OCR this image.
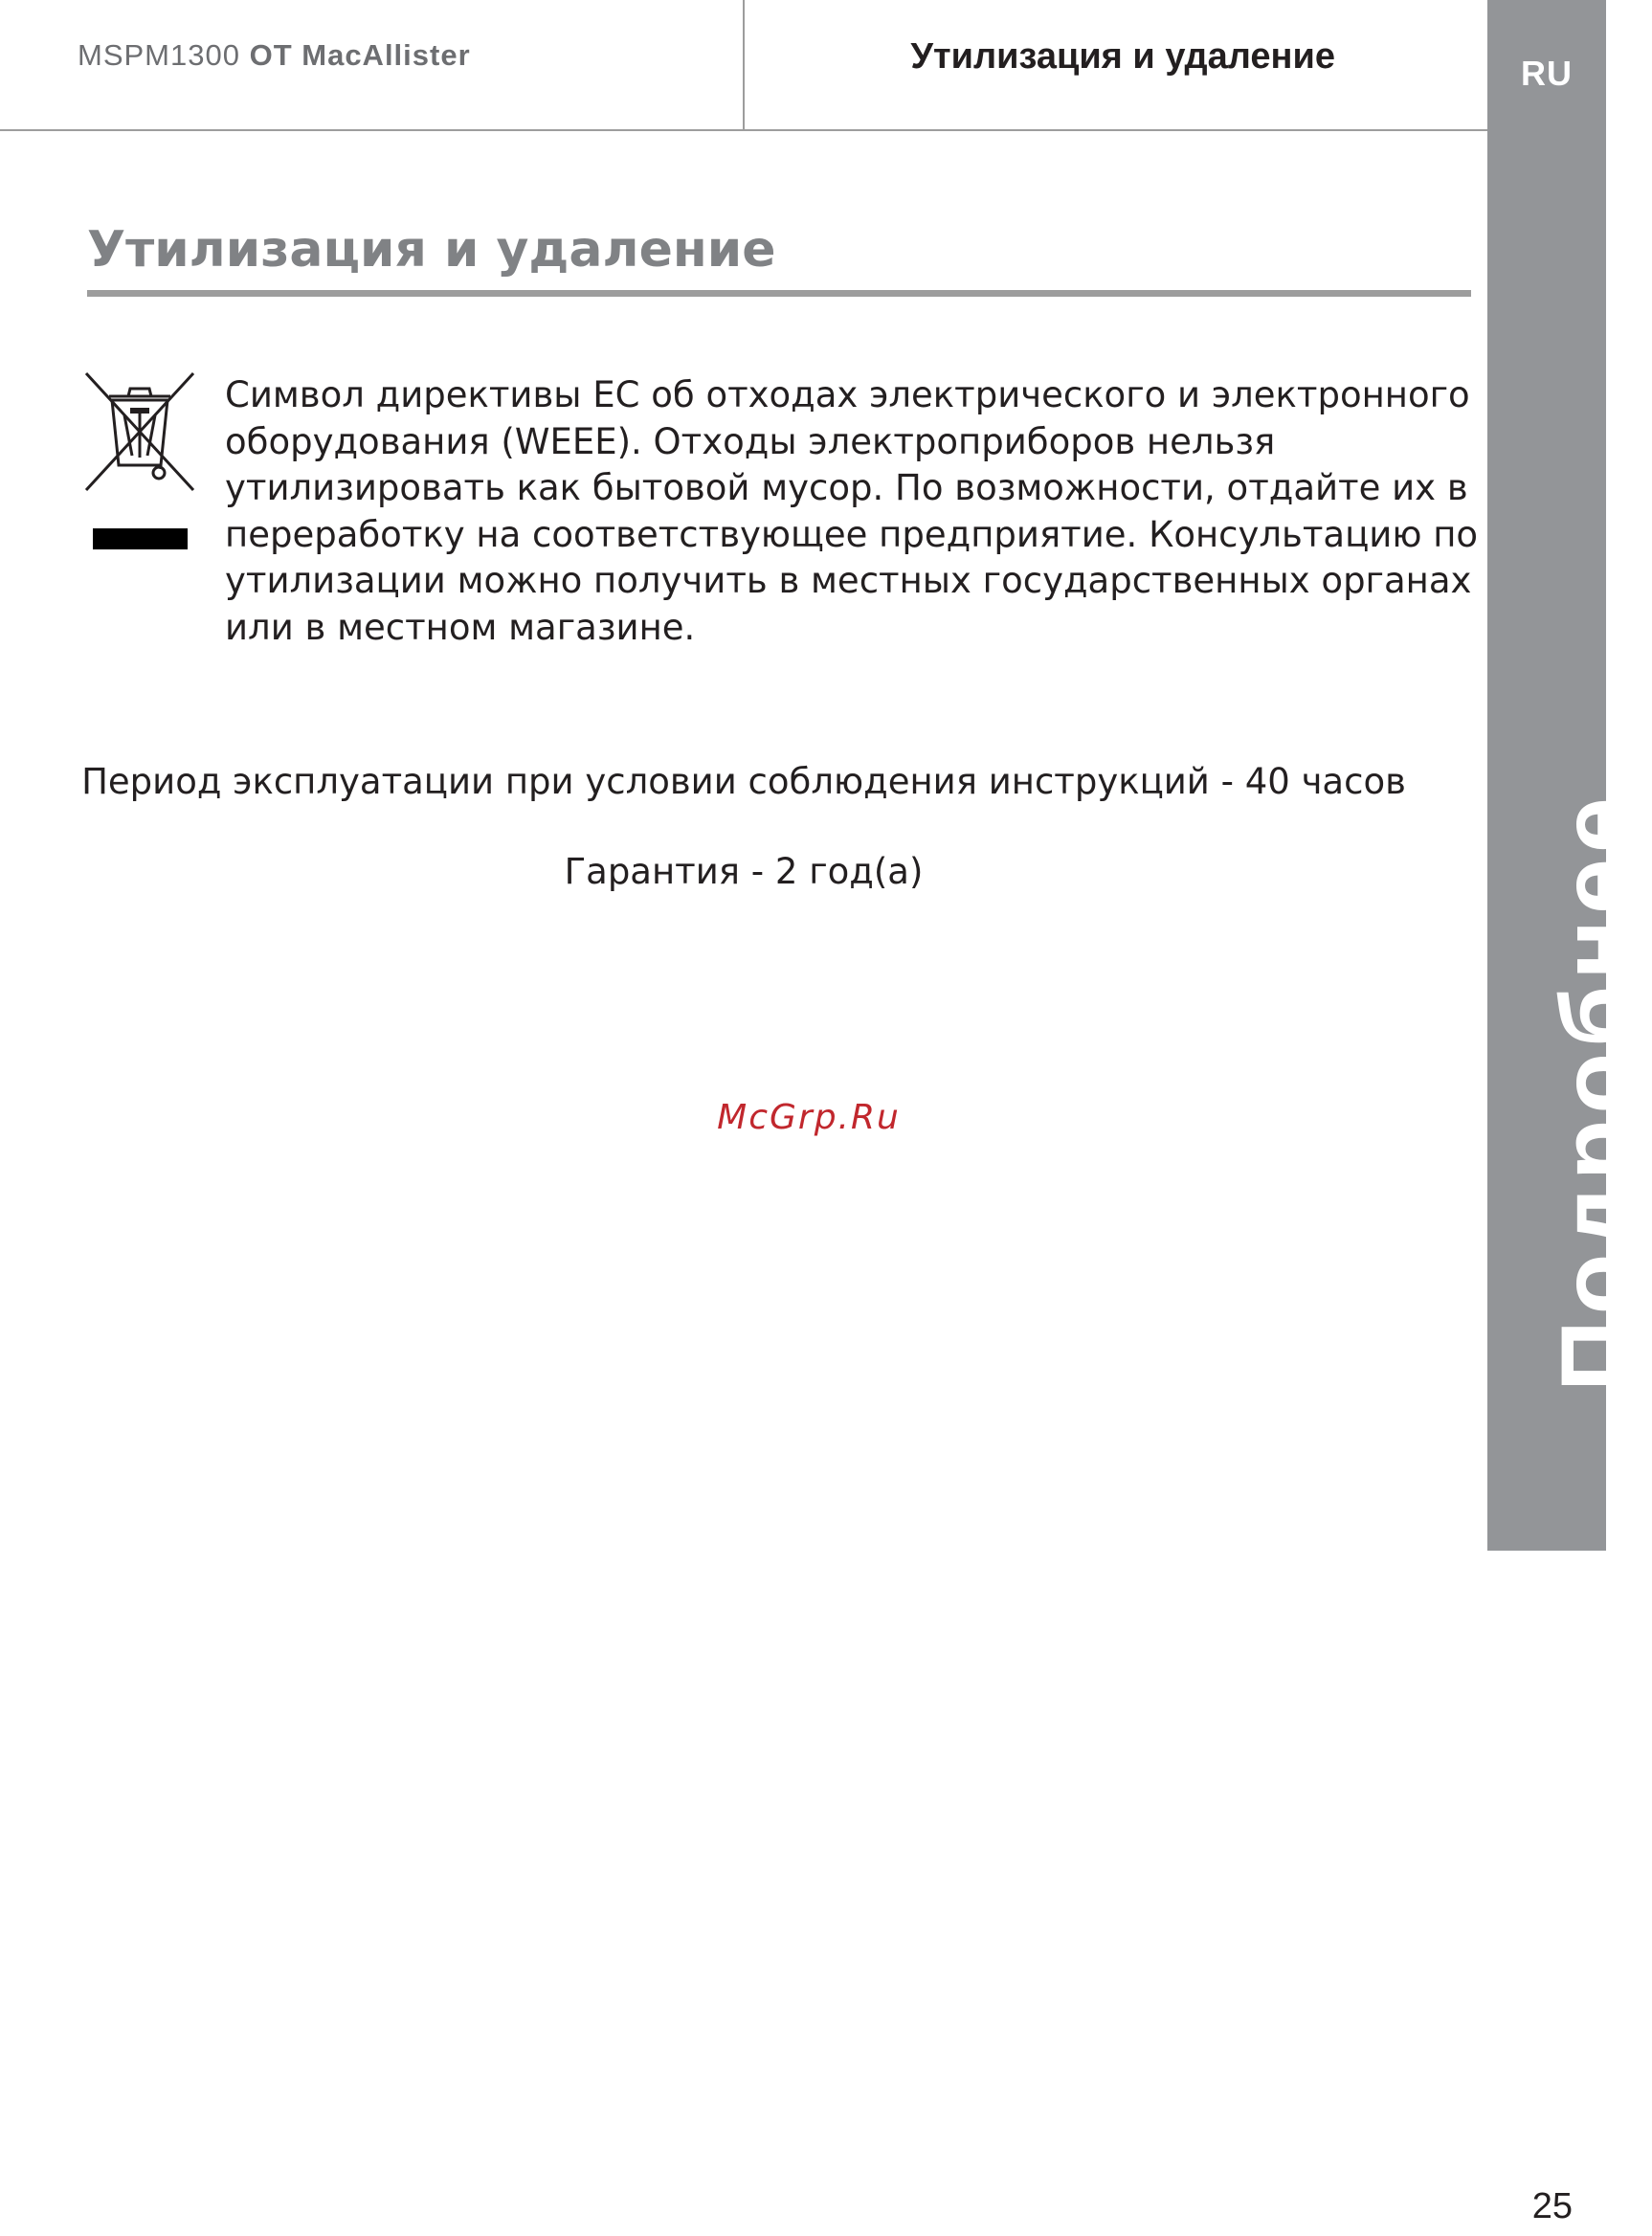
MSPM1300 OT MacAllister	Утилизация и удаление	RU
Подробнее...
Утилизация и удаление

Символ директивы ЕС об отходах электрического и электронного оборудования (WEEE). Отходы электроприборов нельзя утилизировать как бытовой мусор. По возможности, отдайте их в переработку на соответствующее предприятие. Консультацию по утилизации можно получить в местных государственных органах или в местном магазине.

Период эксплуатации при условии соблюдения инструкций - 40 часов
Гарантия - 2 год(а)
McGrp.Ru
25
